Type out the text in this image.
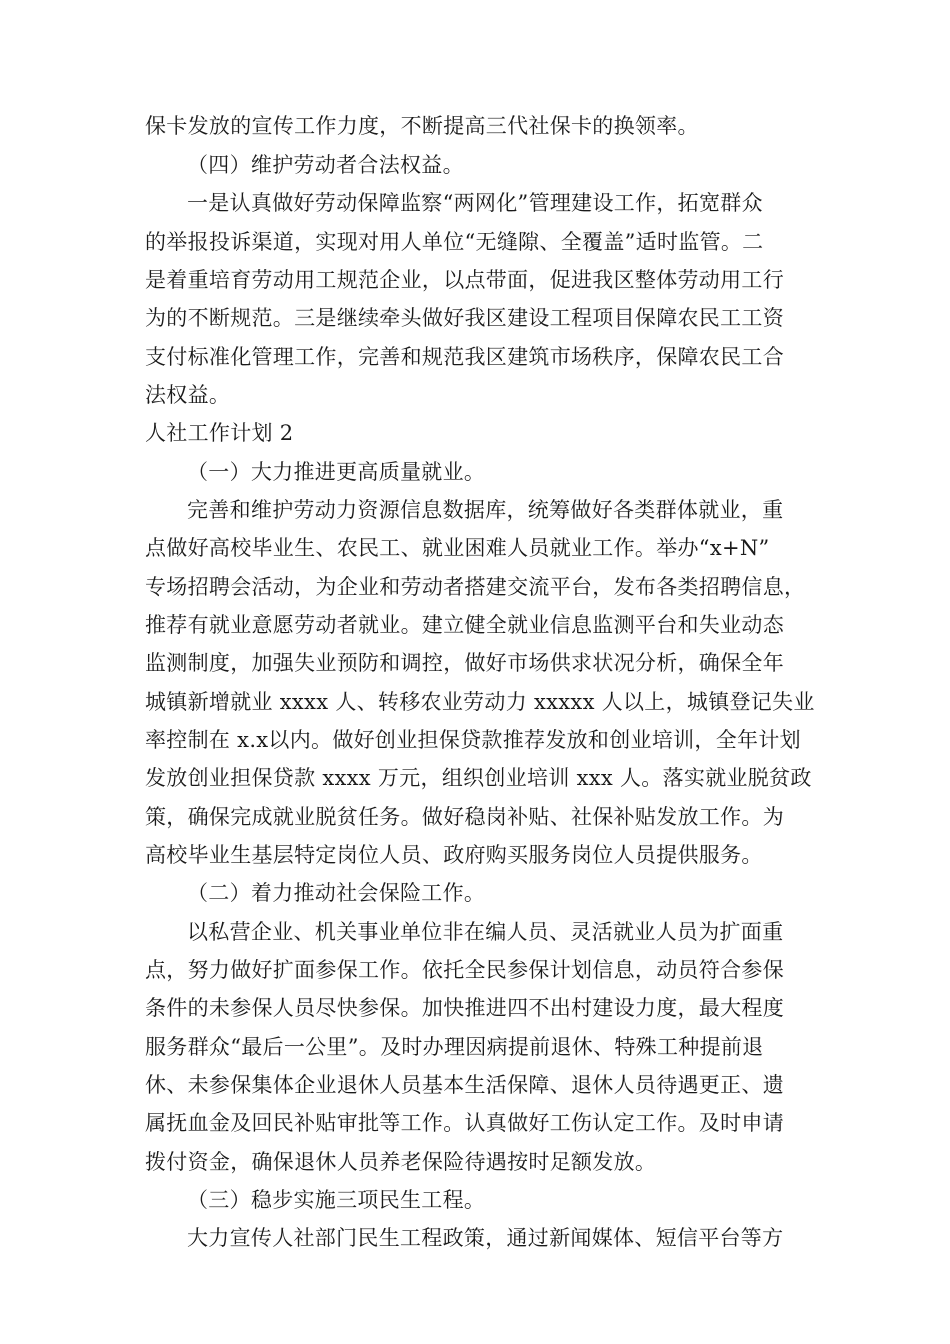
保卡发放的宣传工作力度，不断提高三代社保卡的换领率。
（四）维护劳动者合法权益。
一是认真做好劳动保障监察“两网化”管理建设工作，拓宽群众
的举报投诉渠道，实现对用人单位“无缝隙、全覆盖”适时监管。二
是着重培育劳动用工规范企业，以点带面，促进我区整体劳动用工行
为的不断规范。三是继续牵头做好我区建设工程项目保障农民工工资
支付标准化管理工作，完善和规范我区建筑市场秩序，保障农民工合
法权益。
人社工作计划 2
（一）大力推进更高质量就业。
完善和维护劳动力资源信息数据库，统筹做好各类群体就业，重
点做好高校毕业生、农民工、就业困难人员就业工作。举办“x+N”
专场招聘会活动，为企业和劳动者搭建交流平台，发布各类招聘信息，
推荐有就业意愿劳动者就业。建立健全就业信息监测平台和失业动态
监测制度，加强失业预防和调控，做好市场供求状况分析，确保全年
城镇新增就业 xxxx 人、转移农业劳动力 xxxxx 人以上，城镇登记失业
率控制在 x.x以内。做好创业担保贷款推荐发放和创业培训，全年计划
发放创业担保贷款 xxxx 万元，组织创业培训 xxx 人。落实就业脱贫政
策，确保完成就业脱贫任务。做好稳岗补贴、社保补贴发放工作。为
高校毕业生基层特定岗位人员、政府购买服务岗位人员提供服务。
（二）着力推动社会保险工作。
以私营企业、机关事业单位非在编人员、灵活就业人员为扩面重
点，努力做好扩面参保工作。依托全民参保计划信息，动员符合参保
条件的未参保人员尽快参保。加快推进四不出村建设力度，最大程度
服务群众“最后一公里”。及时办理因病提前退休、特殊工种提前退
休、未参保集体企业退休人员基本生活保障、退休人员待遇更正、遗
属抚血金及回民补贴审批等工作。认真做好工伤认定工作。及时申请
拨付资金，确保退休人员养老保险待遇按时足额发放。
（三）稳步实施三项民生工程。
大力宣传人社部门民生工程政策，通过新闻媒体、短信平台等方
